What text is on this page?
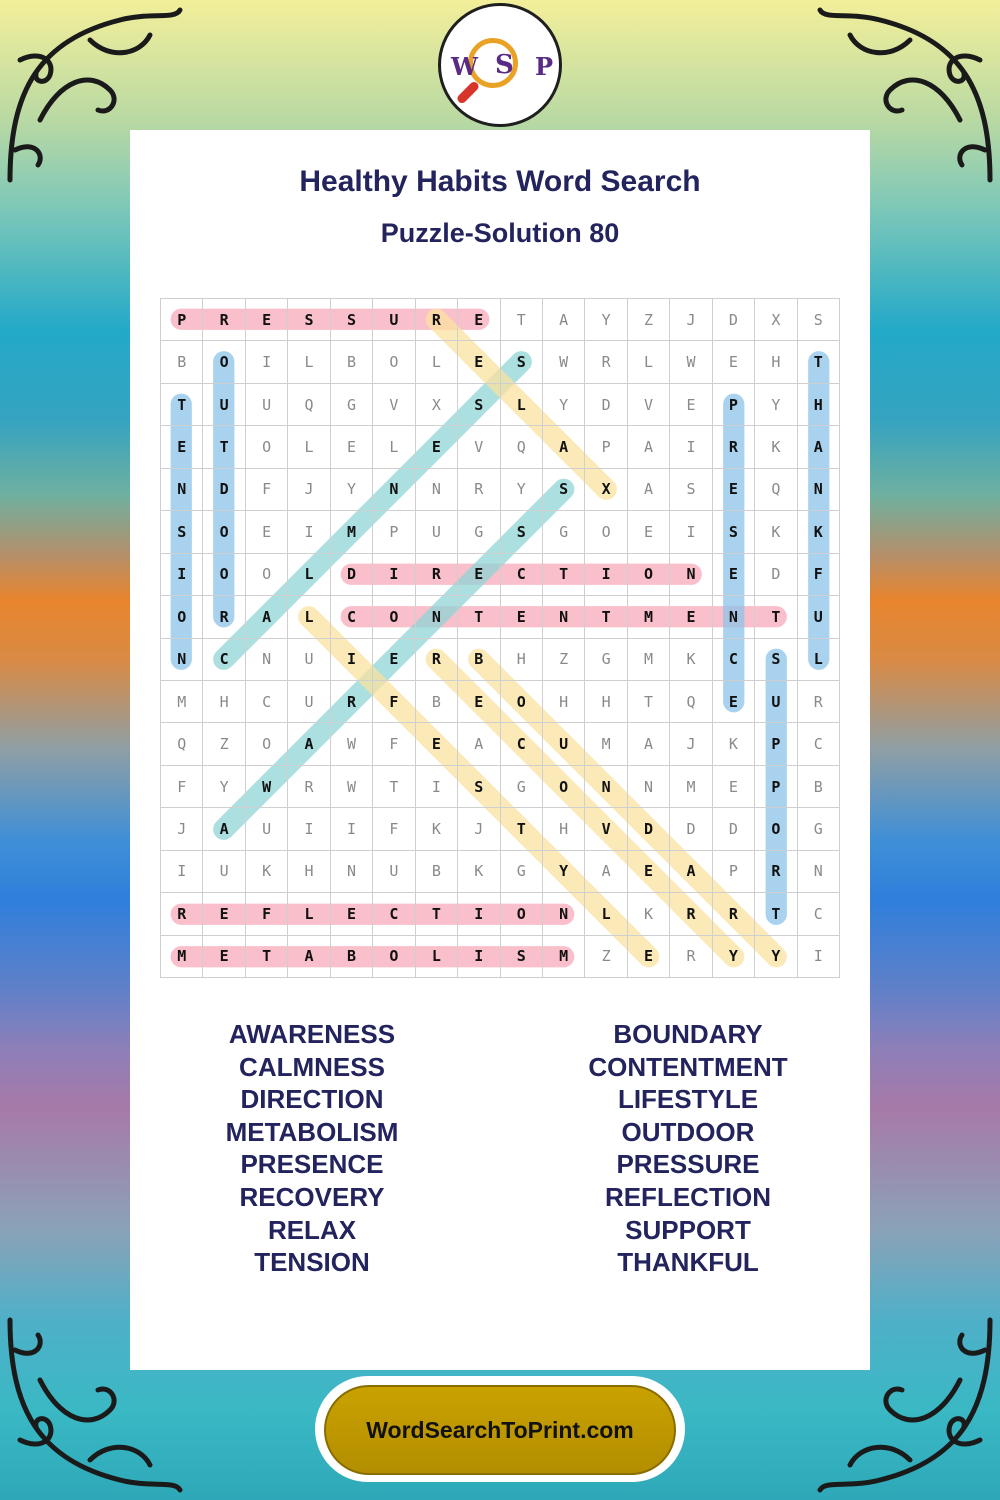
W S P
Healthy Habits Word Search
Puzzle-Solution 80
P	R	E	S	S	U	R	E	T	A	Y	Z	J	D	X	S
B	O	I	L	B	O	L	E	S	W	R	L	W	E	H	T
T	U	U	Q	G	V	X	S	L	Y	D	V	E	P	Y	H
E	T	O	L	E	L	E	V	Q	A	P	A	I	R	K	A
N	D	F	J	Y	N	N	R	Y	S	X	A	S	E	Q	N
S	O	E	I	M	P	U	G	S	G	O	E	I	S	K	K
I	O	O	L	D	I	R	E	C	T	I	O	N	E	D	F
O	R	A	L	C	O	N	T	E	N	T	M	E	N	T	U
N	C	N	U	I	E	R	B	H	Z	G	M	K	C	S	L
M	H	C	U	R	F	B	E	O	H	H	T	Q	E	U	R
Q	Z	O	A	W	F	E	A	C	U	M	A	J	K	P	C
F	Y	W	R	W	T	I	S	G	O	N	N	M	E	P	B
J	A	U	I	I	F	K	J	T	H	V	D	D	D	O	G
I	U	K	H	N	U	B	K	G	Y	A	E	A	P	R	N
R	E	F	L	E	C	T	I	O	N	L	K	R	R	T	C
M	E	T	A	B	O	L	I	S	M	Z	E	R	Y	Y	I
AWARENESS
CALMNESS
DIRECTION
METABOLISM
PRESENCE
RECOVERY
RELAX
TENSION
BOUNDARY
CONTENTMENT
LIFESTYLE
OUTDOOR
PRESSURE
REFLECTION
SUPPORT
THANKFUL
WordSearchToPrint.com
